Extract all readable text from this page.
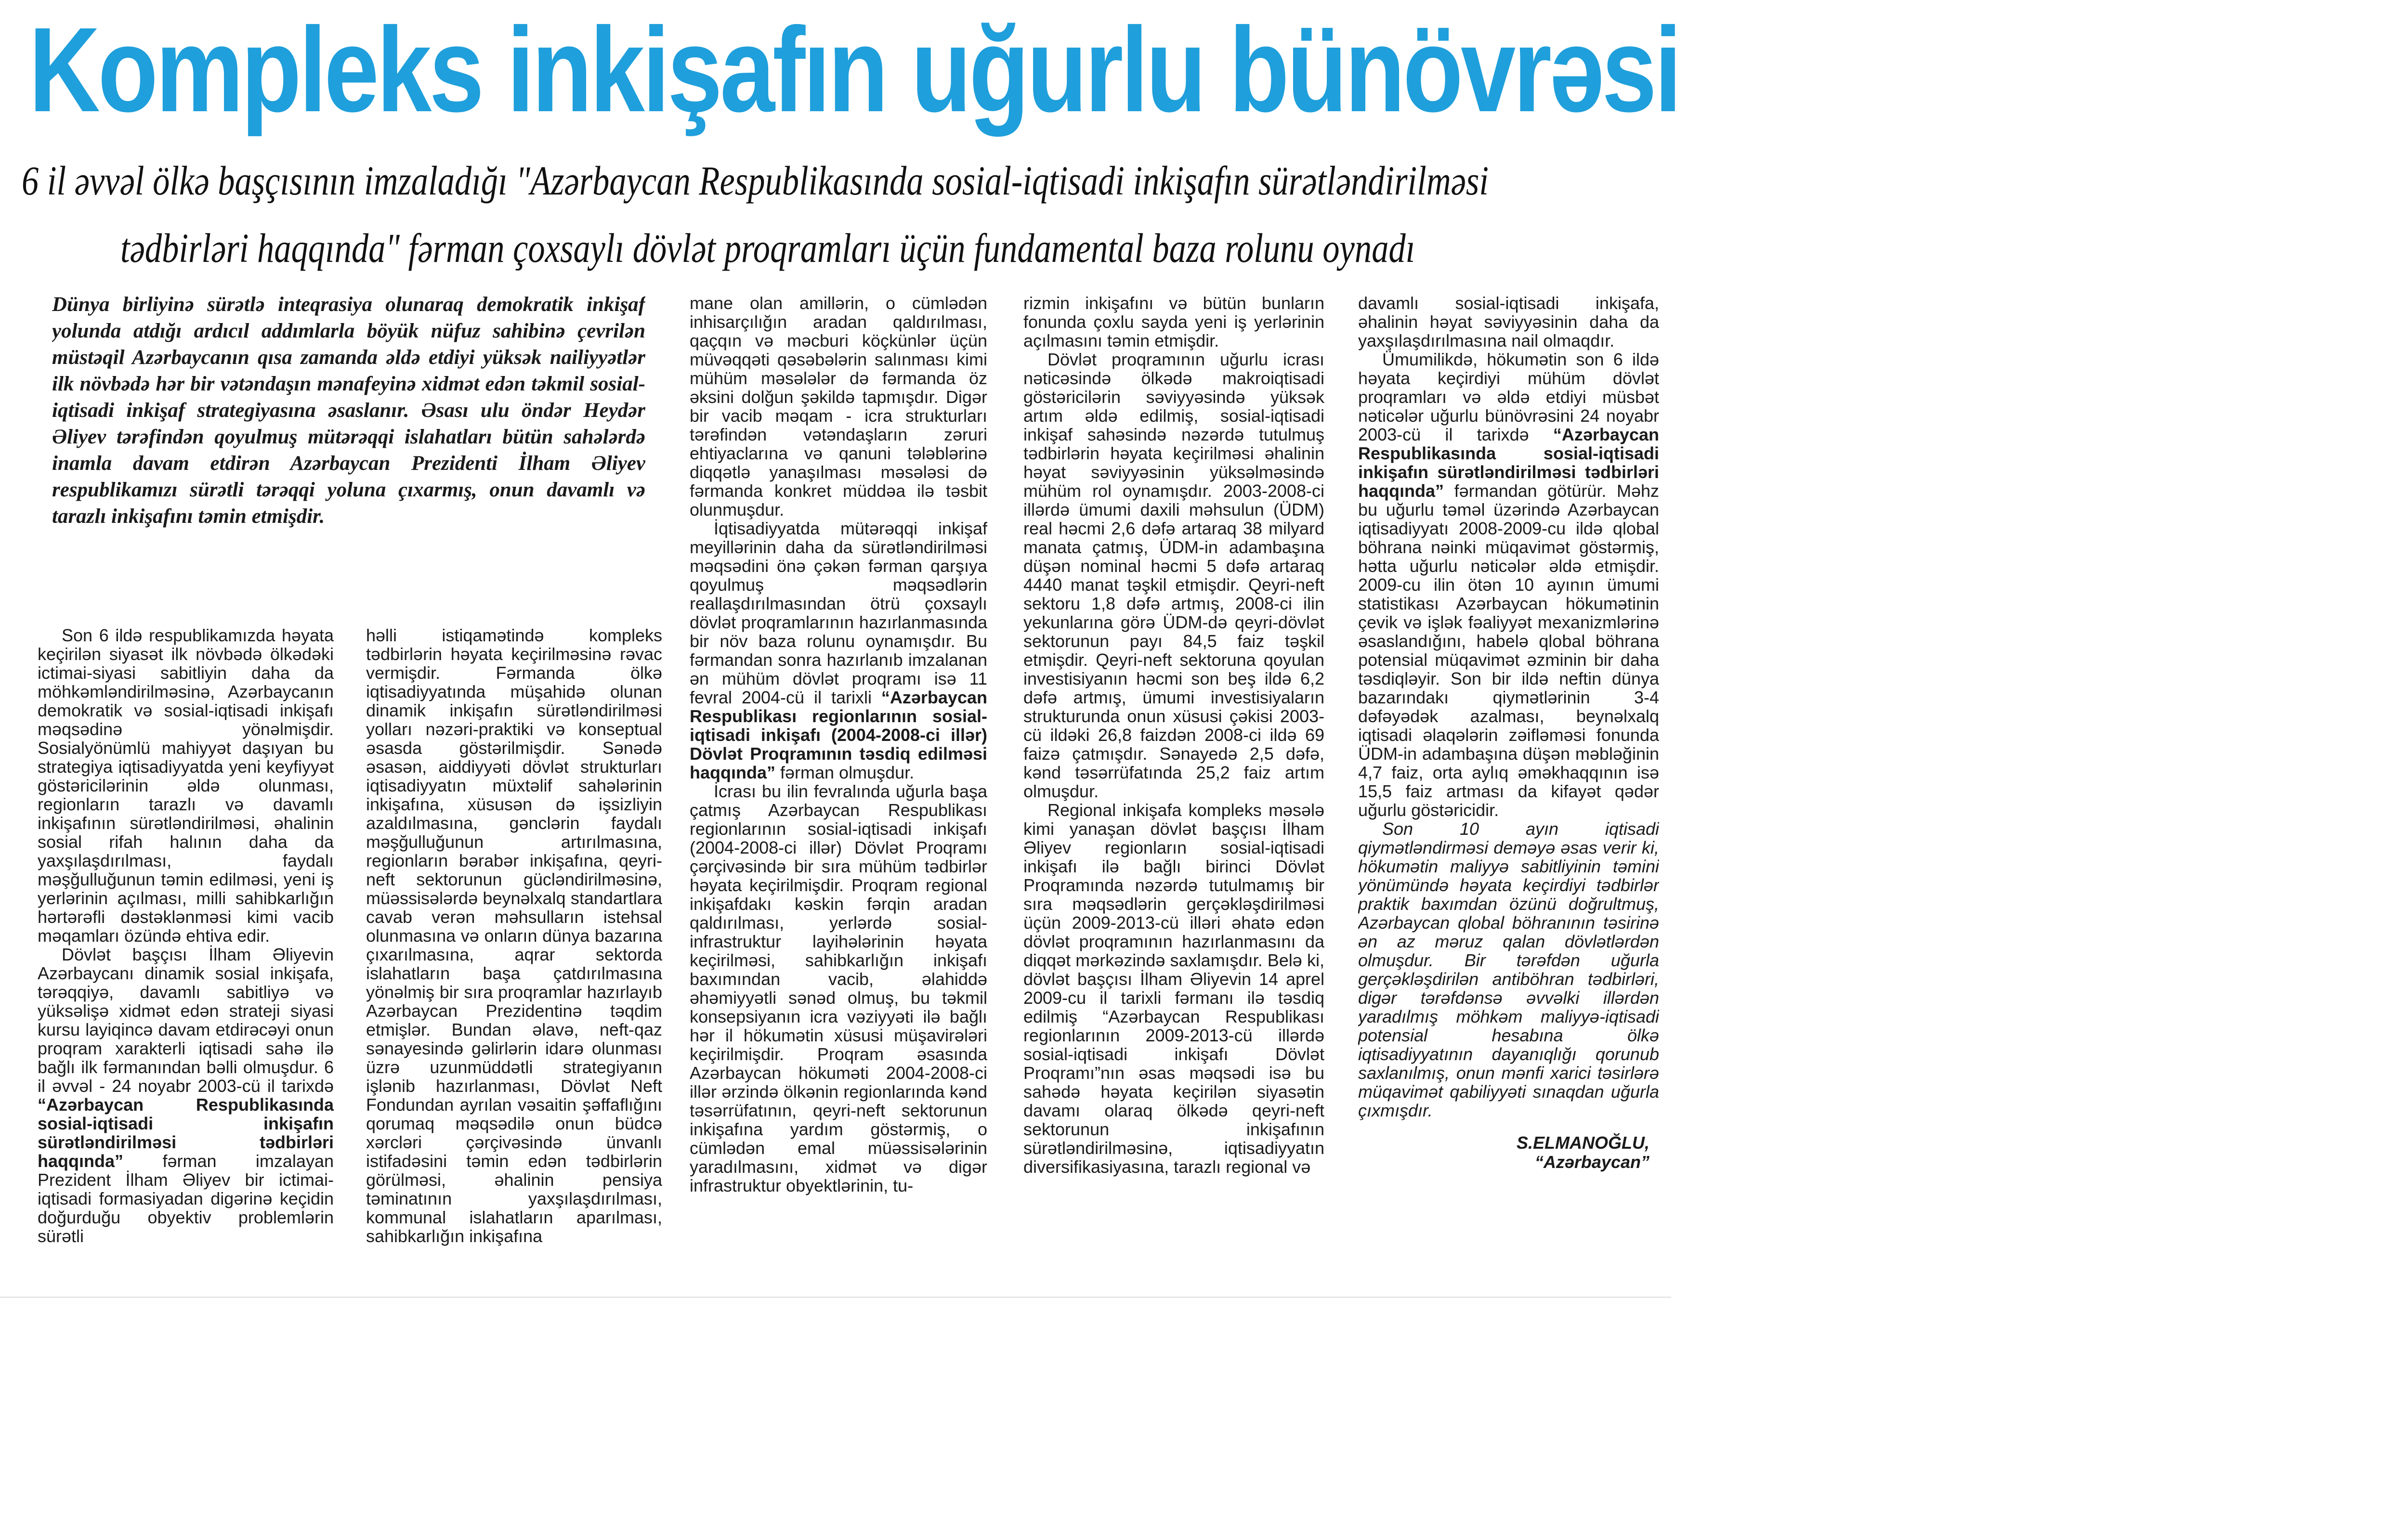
Kompleks inkişafın uğurlu bünövrəsi
6 il əvvəl ölkə başçısının imzaladığı "Azərbaycan Respublikasında sosial-iqtisadi inkişafın sürətləndirilməsi
tədbirləri haqqında" fərman çoxsaylı dövlət proqramları üçün fundamental baza rolunu oynadı

Dünya birliyinə sürətlə inteqrasiya olunaraq demokratik inkişaf yolunda atdığı ardıcıl addımlarla böyük nüfuz sahibinə çevrilən müstəqil Azərbaycanın qısa zamanda əldə etdiyi yüksək nailiyyətlər ilk növbədə hər bir vətəndaşın mənafeyinə xidmət edən təkmil sosial-iqtisadi inkişaf strategiyasına əsaslanır. Əsası ulu öndər Heydər Əliyev tərəfindən qoyulmuş mütərəqqi islahatları bütün sahələrdə inamla davam etdirən Azərbaycan Prezidenti İlham Əliyev respublikamızı sürətli tərəqqi yoluna çıxarmış, onun davamlı və tarazlı inkişafını təmin etmişdir.

Son 6 ildə respublikamızda həyata keçirilən siyasət ilk növbədə ölkədəki ictimai-siyasi sabitliyin daha da möhkəmləndirilməsinə, Azərbaycanın demokratik və sosial-iqtisadi inkişafı məqsədinə yönəlmişdir. Sosialyönümlü mahiyyət daşıyan bu strategiya iqtisadiyyatda yeni keyfiyyət göstəricilərinin əldə olunması, regionların tarazlı və davamlı inkişafının sürətləndirilməsi, əhalinin sosial rifah halının daha da yaxşılaşdırılması, faydalı məşğulluğunun təmin edilməsi, yeni iş yerlərinin açılması, milli sahibkarlığın hərtərəfli dəstəklənməsi kimi vacib məqamları özündə ehtiva edir.

Dövlət başçısı İlham Əliyevin Azərbaycanı dinamik sosial inkişafa, tərəqqiyə, davamlı sabitliyə və yüksəlişə xidmət edən strateji siyasi kursu layiqincə davam etdirəcəyi onun proqram xarakterli iqtisadi sahə ilə bağlı ilk fərmanından bəlli olmuşdur. 6 il əvvəl - 24 noyabr 2003-cü il tarixdə “Azərbaycan Respublikasında sosial-iqtisadi inkişafın sürətləndirilməsi tədbirləri haqqında” fərman imzalayan Prezident İlham Əliyev bir ictimai-iqtisadi formasiyadan digərinə keçidin doğurduğu obyektiv problemlərin sürətli

həlli istiqamətində kompleks tədbirlərin həyata keçirilməsinə rəvac vermişdir. Fərmanda ölkə iqtisadiyyatında müşahidə olunan dinamik inkişafın sürətləndirilməsi yolları nəzəri-praktiki və konseptual əsasda göstərilmişdir. Sənədə əsasən, aiddiyyəti dövlət strukturları iqtisadiyyatın müxtəlif sahələrinin inkişafına, xüsusən də işsizliyin azaldılmasına, gənclərin faydalı məşğulluğunun artırılmasına, regionların bərabər inkişafına, qeyri-neft sektorunun gücləndirilməsinə, müəssisələrdə beynəlxalq standartlara cavab verən məhsulların istehsal olunmasına və onların dünya bazarına çıxarılmasına, aqrar sektorda islahatların başa çatdırılmasına yönəlmiş bir sıra proqramlar hazırlayıb Azərbaycan Prezidentinə təqdim etmişlər. Bundan əlavə, neft-qaz sənayesində gəlirlərin idarə olunması üzrə uzunmüddətli strategiyanın işlənib hazırlanması, Dövlət Neft Fondundan ayrılan vəsaitin şəffaflığını qorumaq məqsədilə onun büdcə xərcləri çərçivəsində ünvanlı istifadəsini təmin edən tədbirlərin görülməsi, əhalinin pensiya təminatının yaxşılaşdırılması, kommunal islahatların aparılması, sahibkarlığın inkişafına

mane olan amillərin, o cümlədən inhisarçılığın aradan qaldırılması, qaçqın və məcburi köçkünlər üçün müvəqqəti qəsəbələrin salınması kimi mühüm məsələlər də fərmanda öz əksini dolğun şəkildə tapmışdır. Digər bir vacib məqam - icra strukturları tərəfindən vətəndaşların zəruri ehtiyaclarına və qanuni tələblərinə diqqətlə yanaşılması məsələsi də fərmanda konkret müddəa ilə təsbit olunmuşdur.

İqtisadiyyatda mütərəqqi inkişaf meyillərinin daha da sürətləndirilməsi məqsədini önə çəkən fərman qarşıya qoyulmuş məqsədlərin reallaşdırılmasından ötrü çoxsaylı dövlət proqramlarının hazırlanmasında bir növ baza rolunu oynamışdır. Bu fərmandan sonra hazırlanıb imzalanan ən mühüm dövlət proqramı isə 11 fevral 2004-cü il tarixli “Azərbaycan Respublikası regionlarının sosial-iqtisadi inkişafı (2004-2008-ci illər) Dövlət Proqramının təsdiq edilməsi haqqında” fərman olmuşdur.

İcrası bu ilin fevralında uğurla başa çatmış Azərbaycan Respublikası regionlarının sosial-iqtisadi inkişafı (2004-2008-ci illər) Dövlət Proqramı çərçivəsində bir sıra mühüm tədbirlər həyata keçirilmişdir. Proqram regional inkişafdakı kəskin fərqin aradan qaldırılması, yerlərdə sosial-infrastruktur layihələrinin həyata keçirilməsi, sahibkarlığın inkişafı baxımından vacib, əlahiddə əhəmiyyətli sənəd olmuş, bu təkmil konsepsiyanın icra vəziyyəti ilə bağlı hər il hökumətin xüsusi müşavirələri keçirilmişdir. Proqram əsasında Azərbaycan hökuməti 2004-2008-ci illər ərzində ölkənin regionlarında kənd təsərrüfatının, qeyri-neft sektorunun inkişafına yardım göstərmiş, o cümlədən emal müəssisələrinin yaradılmasını, xidmət və digər infrastruktur obyektlərinin, tu-

rizmin inkişafını və bütün bunların fonunda çoxlu sayda yeni iş yerlərinin açılmasını təmin etmişdir.

Dövlət proqramının uğurlu icrası nəticəsində ölkədə makroiqtisadi göstəricilərin səviyyəsində yüksək artım əldə edilmiş, sosial-iqtisadi inkişaf sahəsində nəzərdə tutulmuş tədbirlərin həyata keçirilməsi əhalinin həyat səviyyəsinin yüksəlməsində mühüm rol oynamışdır. 2003-2008-ci illərdə ümumi daxili məhsulun (ÜDM) real həcmi 2,6 dəfə artaraq 38 milyard manata çatmış, ÜDM-in adambaşına düşən nominal həcmi 5 dəfə artaraq 4440 manat təşkil etmişdir. Qeyri-neft sektoru 1,8 dəfə artmış, 2008-ci ilin yekunlarına görə ÜDM-də qeyri-dövlət sektorunun payı 84,5 faiz təşkil etmişdir. Qeyri-neft sektoruna qoyulan investisiyanın həcmi son beş ildə 6,2 dəfə artmış, ümumi investisiyaların strukturunda onun xüsusi çəkisi 2003-cü ildəki 26,8 faizdən 2008-ci ildə 69 faizə çatmışdır. Sənayedə 2,5 dəfə, kənd təsərrüfatında 25,2 faiz artım olmuşdur.

Regional inkişafa kompleks məsələ kimi yanaşan dövlət başçısı İlham Əliyev regionların sosial-iqtisadi inkişafı ilə bağlı birinci Dövlət Proqramında nəzərdə tutulmamış bir sıra məqsədlərin gerçəkləşdirilməsi üçün 2009-2013-cü illəri əhatə edən dövlət proqramının hazırlanmasını da diqqət mərkəzində saxlamışdır. Belə ki, dövlət başçısı İlham Əliyevin 14 aprel 2009-cu il tarixli fərmanı ilə təsdiq edilmiş “Azərbaycan Respublikası regionlarının 2009-2013-cü illərdə sosial-iqtisadi inkişafı Dövlət Proqramı”nın əsas məqsədi isə bu sahədə həyata keçirilən siyasətin davamı olaraq ölkədə qeyri-neft sektorunun inkişafının sürətləndirilməsinə, iqtisadiyyatın diversifikasiyasına, tarazlı regional və

davamlı sosial-iqtisadi inkişafa, əhalinin həyat səviyyəsinin daha da yaxşılaşdırılmasına nail olmaqdır.

Ümumilikdə, hökumətin son 6 ildə həyata keçirdiyi mühüm dövlət proqramları və əldə etdiyi müsbət nəticələr uğurlu bünövrəsini 24 noyabr 2003-cü il tarixdə “Azərbaycan Respublikasında sosial-iqtisadi inkişafın sürətləndirilməsi tədbirləri haqqında” fərmandan götürür. Məhz bu uğurlu təməl üzərində Azərbaycan iqtisadiyyatı 2008-2009-cu ildə qlobal böhrana nəinki müqavimət göstərmiş, hətta uğurlu nəticələr əldə etmişdir. 2009-cu ilin ötən 10 ayının ümumi statistikası Azərbaycan hökumətinin çevik və işlək fəaliyyət mexanizmlərinə əsaslandığını, habelə qlobal böhrana potensial müqavimət əzminin bir daha təsdiqləyir. Son bir ildə neftin dünya bazarındakı qiymətlərinin 3-4 dəfəyədək azalması, beynəlxalq iqtisadi əlaqələrin zəifləməsi fonunda ÜDM-in adambaşına düşən məbləğinin 4,7 faiz, orta aylıq əməkhaqqının isə 15,5 faiz artması da kifayət qədər uğurlu göstəricidir.

Son 10 ayın iqtisadi qiymətləndirməsi deməyə əsas verir ki, hökumətin maliyyə sabitliyinin təmini yönümündə həyata keçirdiyi tədbirlər praktik baxımdan özünü doğrultmuş, Azərbaycan qlobal böhranının təsirinə ən az məruz qalan dövlətlərdən olmuşdur. Bir tərəfdən uğurla gerçəkləşdirilən antiböhran tədbirləri, digər tərəfdənsə əvvəlki illərdən yaradılmış möhkəm maliyyə-iqtisadi potensial hesabına ölkə iqtisadiyyatının dayanıqlığı qorunub saxlanılmış, onun mənfi xarici təsirlərə müqavimət qabiliyyəti sınaqdan uğurla çıxmışdır.

S.ELMANOĞLU,
“Azərbaycan”
